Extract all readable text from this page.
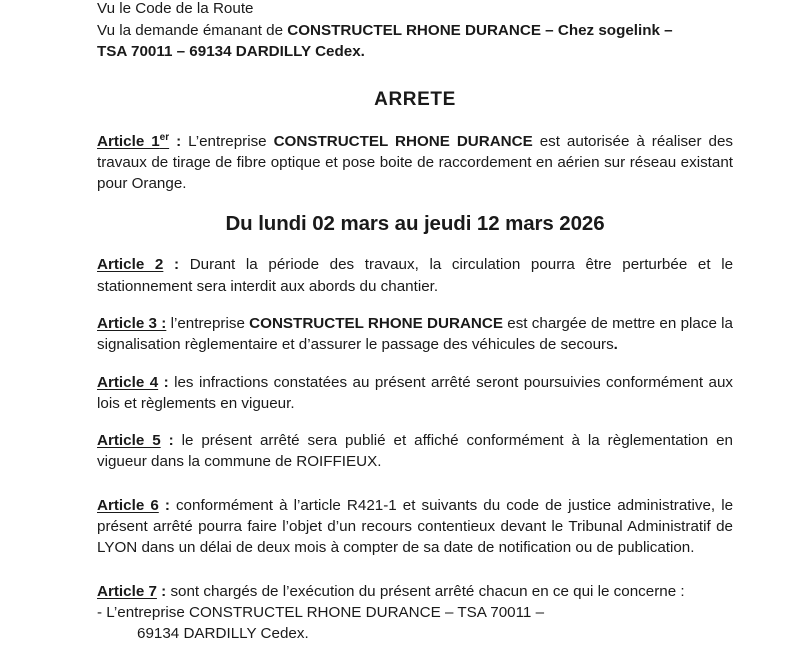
Vu le Code de la Route
Vu la demande émanant de CONSTRUCTEL RHONE DURANCE – Chez sogelink –
TSA 70011 – 69134 DARDILLY Cedex.
ARRETE
Article 1er : L’entreprise CONSTRUCTEL RHONE DURANCE est autorisée à réaliser des travaux de tirage de fibre optique et pose boite de raccordement en aérien sur réseau existant pour Orange.
Du lundi 02 mars au jeudi 12 mars 2026
Article 2 : Durant la période des travaux, la circulation pourra être perturbée et le stationnement sera interdit aux abords du chantier.
Article 3 : l’entreprise CONSTRUCTEL RHONE DURANCE est chargée de mettre en place la signalisation règlementaire et d’assurer le passage des véhicules de secours.
Article 4 : les infractions constatées au présent arrêté seront poursuivies conformément aux lois et règlements en vigueur.
Article 5 : le présent arrêté sera publié et affiché conformément à la règlementation en vigueur dans la commune de ROIFFIEUX.
Article 6 : conformément à l’article R421-1 et suivants du code de justice administrative, le présent arrêté pourra faire l’objet d’un recours contentieux devant le Tribunal Administratif de LYON dans un délai de deux mois à compter de sa date de notification ou de publication.
Article 7 : sont chargés de l’exécution du présent arrêté chacun en ce qui le concerne :
- L’entreprise CONSTRUCTEL RHONE DURANCE – TSA 70011 –
69134 DARDILLY Cedex.
